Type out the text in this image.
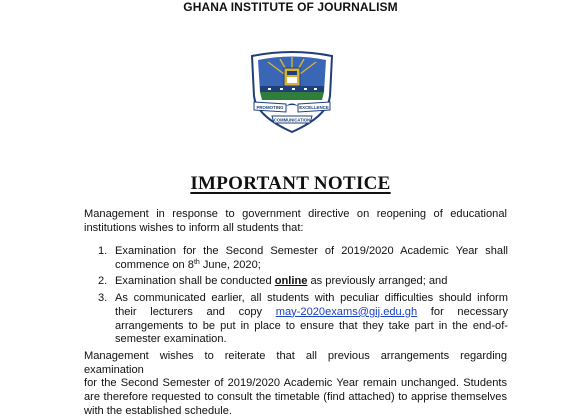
GHANA INSTITUTE OF JOURNALISM
PROMOTING	EXCELLENCE
COMMUNICATION
IMPORTANT NOTICE
Management in response to government directive on reopening of educational
institutions wishes to inform all students that:
1. Examination for the Second Semester of 2019/2020 Academic Year shall
commence on 8th June, 2020;
2. Examination shall be conducted online as previously arranged; and
3. As communicated earlier, all students with peculiar difficulties should inform
their lecturers and copy may-2020exams@gij.edu.gh for necessary
arrangements to be put in place to ensure that they take part in the end-of-
semester examination.
Management wishes to reiterate that all previous arrangements regarding examination
for the Second Semester of 2019/2020 Academic Year remain unchanged. Students
are therefore requested to consult the timetable (find attached) to apprise themselves
with the established schedule.
